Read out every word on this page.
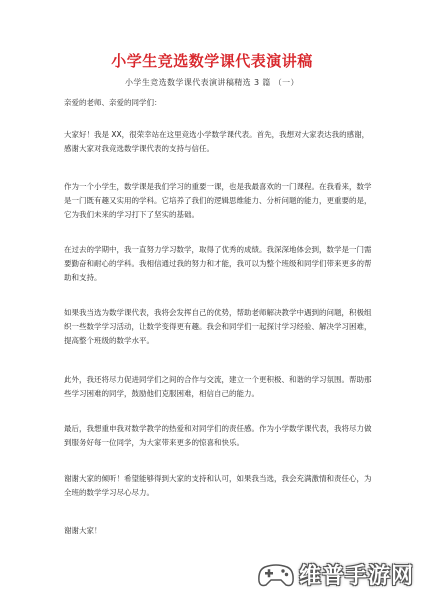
小学生竞选数学课代表演讲稿
小学生竞选数学课代表演讲稿精选 3 篇 （一）

亲爱的老师、亲爱的同学们：

大家好！我是 XX，很荣幸站在这里竞选小学数学课代表。首先，我想对大家表达我的感谢，感谢大家对我竞选数学课代表的支持与信任。

作为一个小学生，数学课是我们学习的重要一课，也是我最喜欢的一门课程。在我看来，数学是一门既有趣又实用的学科。它培养了我们的逻辑思维能力、分析问题的能力，更重要的是，它为我们未来的学习打下了坚实的基础。

在过去的学期中，我一直努力学习数学，取得了优秀的成绩。我深深地体会到，数学是一门需要勤奋和耐心的学科。我相信通过我的努力和才能，我可以为整个班级和同学们带来更多的帮助和支持。

如果我当选为数学课代表，我将会发挥自己的优势，帮助老师解决教学中遇到的问题，积极组织一些数学学习活动，让数学变得更有趣。我会和同学们一起探讨学习经验、解决学习困难，提高整个班级的数学水平。

此外，我还将尽力促进同学们之间的合作与交流，建立一个更积极、和谐的学习氛围。帮助那些学习困难的同学，鼓励他们克服困难，相信自己的能力。

最后，我想重申我对数学教学的热爱和对同学们的责任感。作为小学数学课代表，我将尽力做到服务好每一位同学，为大家带来更多的惊喜和快乐。

谢谢大家的倾听！希望能够得到大家的支持和认可，如果我当选，我会充满激情和责任心，为全班的数学学习尽心尽力。

谢谢大家！

维普手游网
